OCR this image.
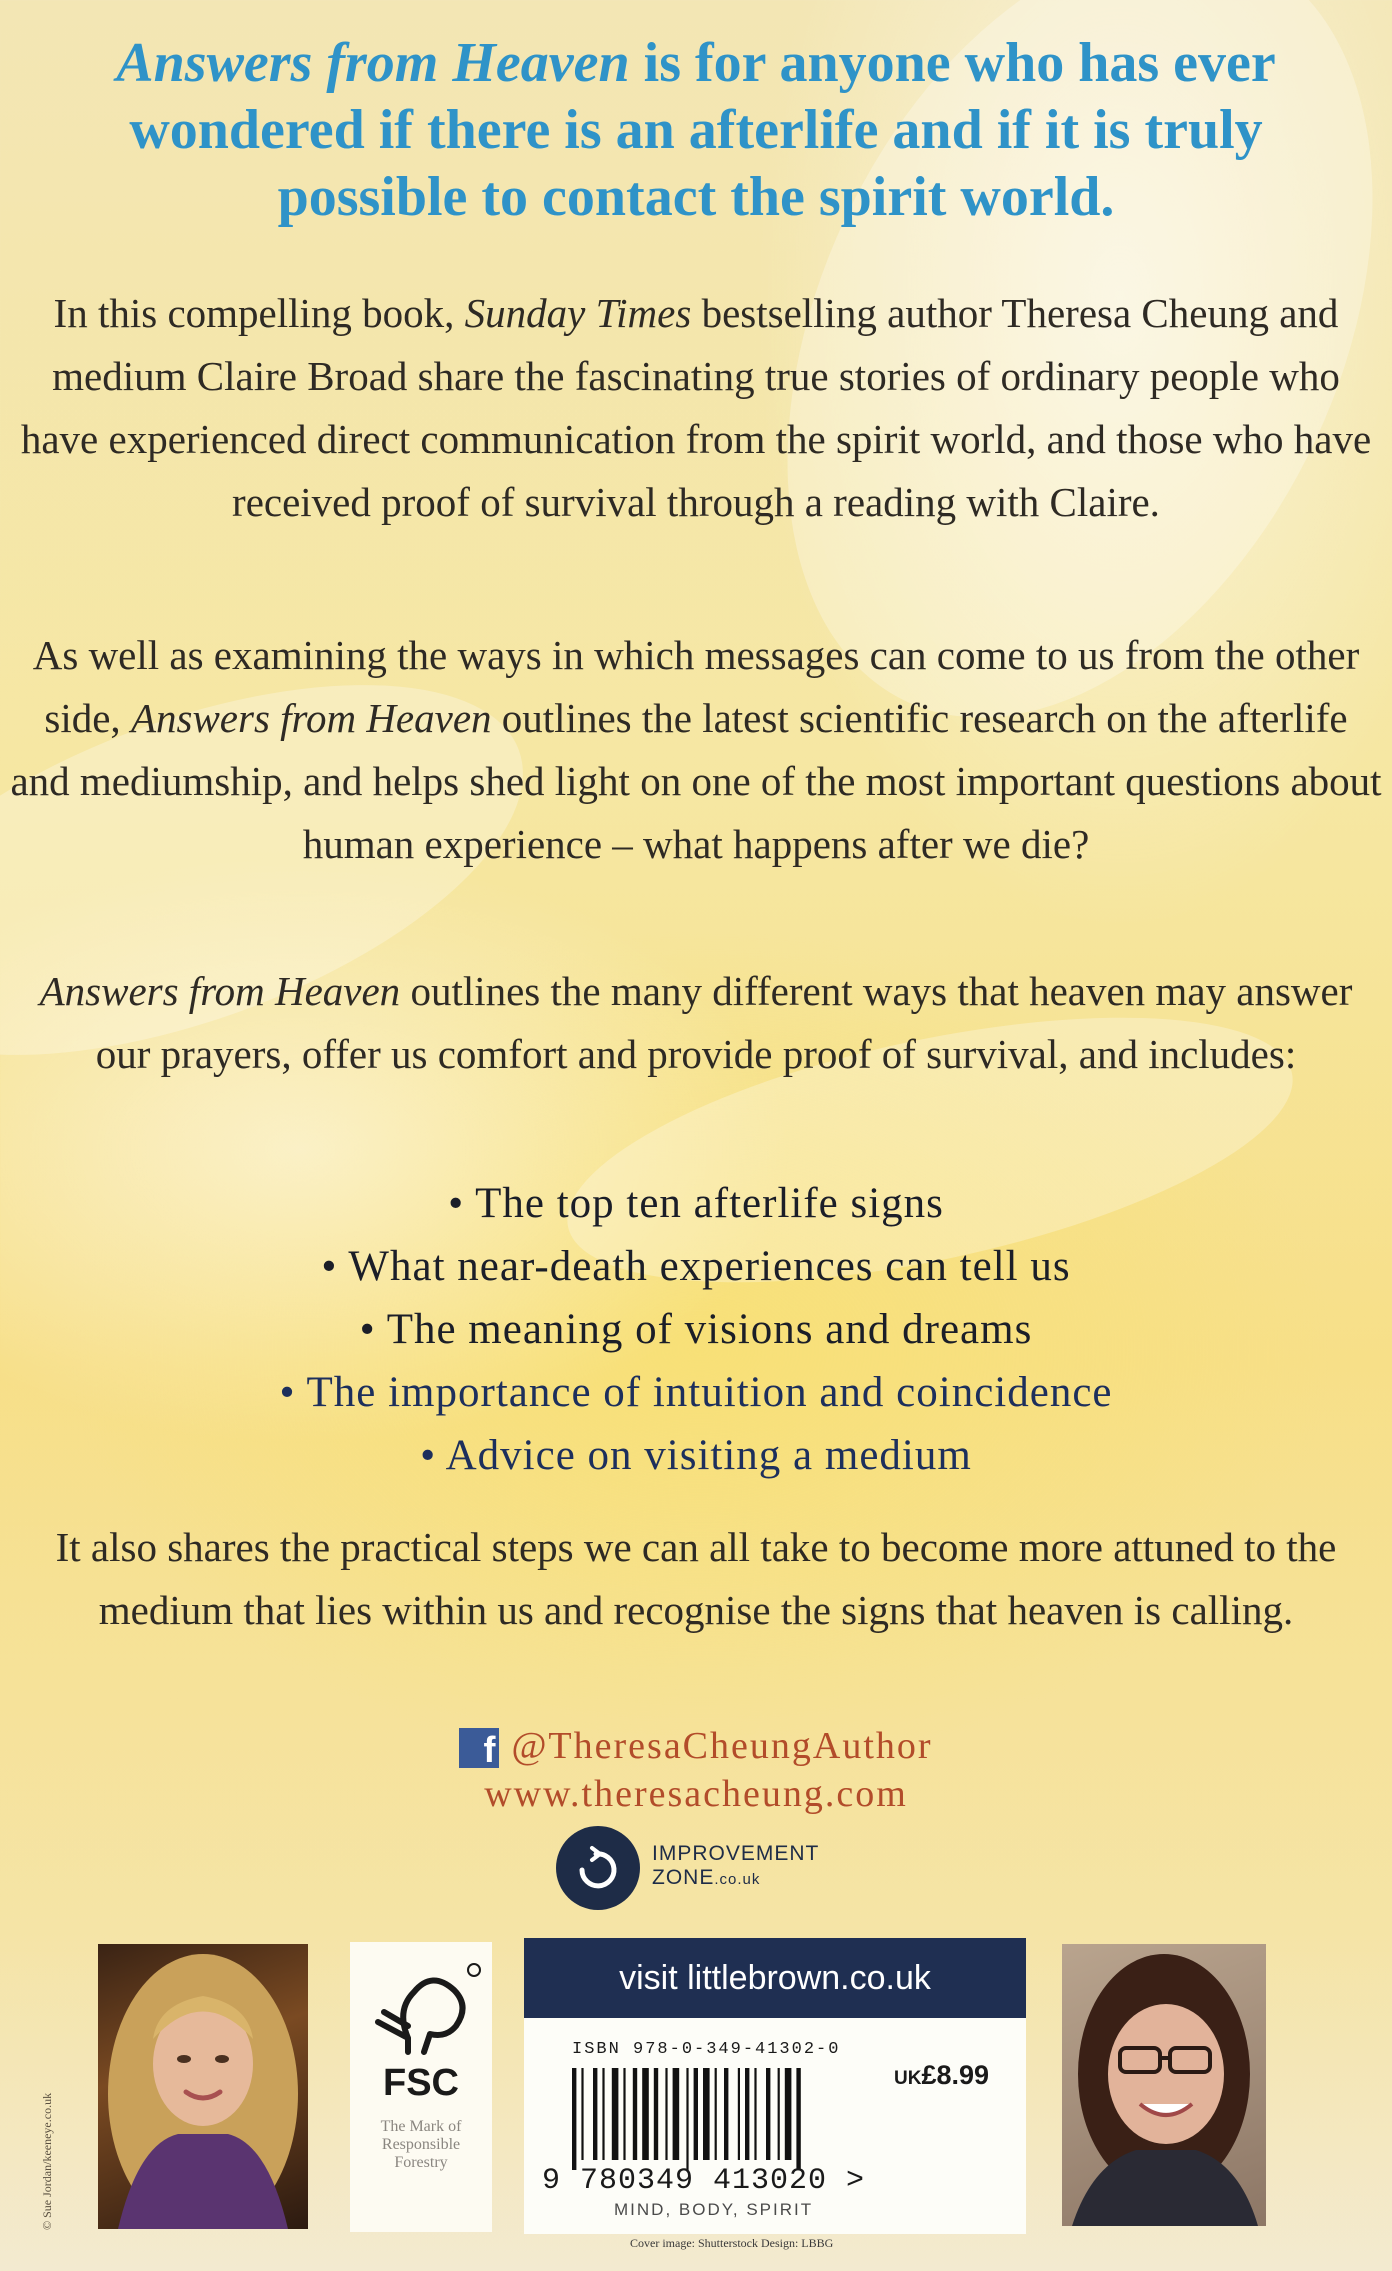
Answers from Heaven is for anyone who has ever wondered if there is an afterlife and if it is truly possible to contact the spirit world.
In this compelling book, Sunday Times bestselling author Theresa Cheung and medium Claire Broad share the fascinating true stories of ordinary people who have experienced direct communication from the spirit world, and those who have received proof of survival through a reading with Claire.
As well as examining the ways in which messages can come to us from the other side, Answers from Heaven outlines the latest scientific research on the afterlife and mediumship, and helps shed light on one of the most important questions about human experience – what happens after we die?
Answers from Heaven outlines the many different ways that heaven may answer our prayers, offer us comfort and provide proof of survival, and includes:
• The top ten afterlife signs
• What near-death experiences can tell us
• The meaning of visions and dreams
• The importance of intuition and coincidence
• Advice on visiting a medium
It also shares the practical steps we can all take to become more attuned to the medium that lies within us and recognise the signs that heaven is calling.
f @TheresaCheungAuthor
www.theresacheung.com
IMPROVEMENT
ZONE.co.uk
© Sue Jordan/keeneye.co.uk
FSC
The Mark of Responsible Forestry
visit littlebrown.co.uk
ISBN 978-0-349-41302-0
UK£8.99
9 780349 413020 >
MIND, BODY, SPIRIT
Cover image: Shutterstock Design: LBBG
